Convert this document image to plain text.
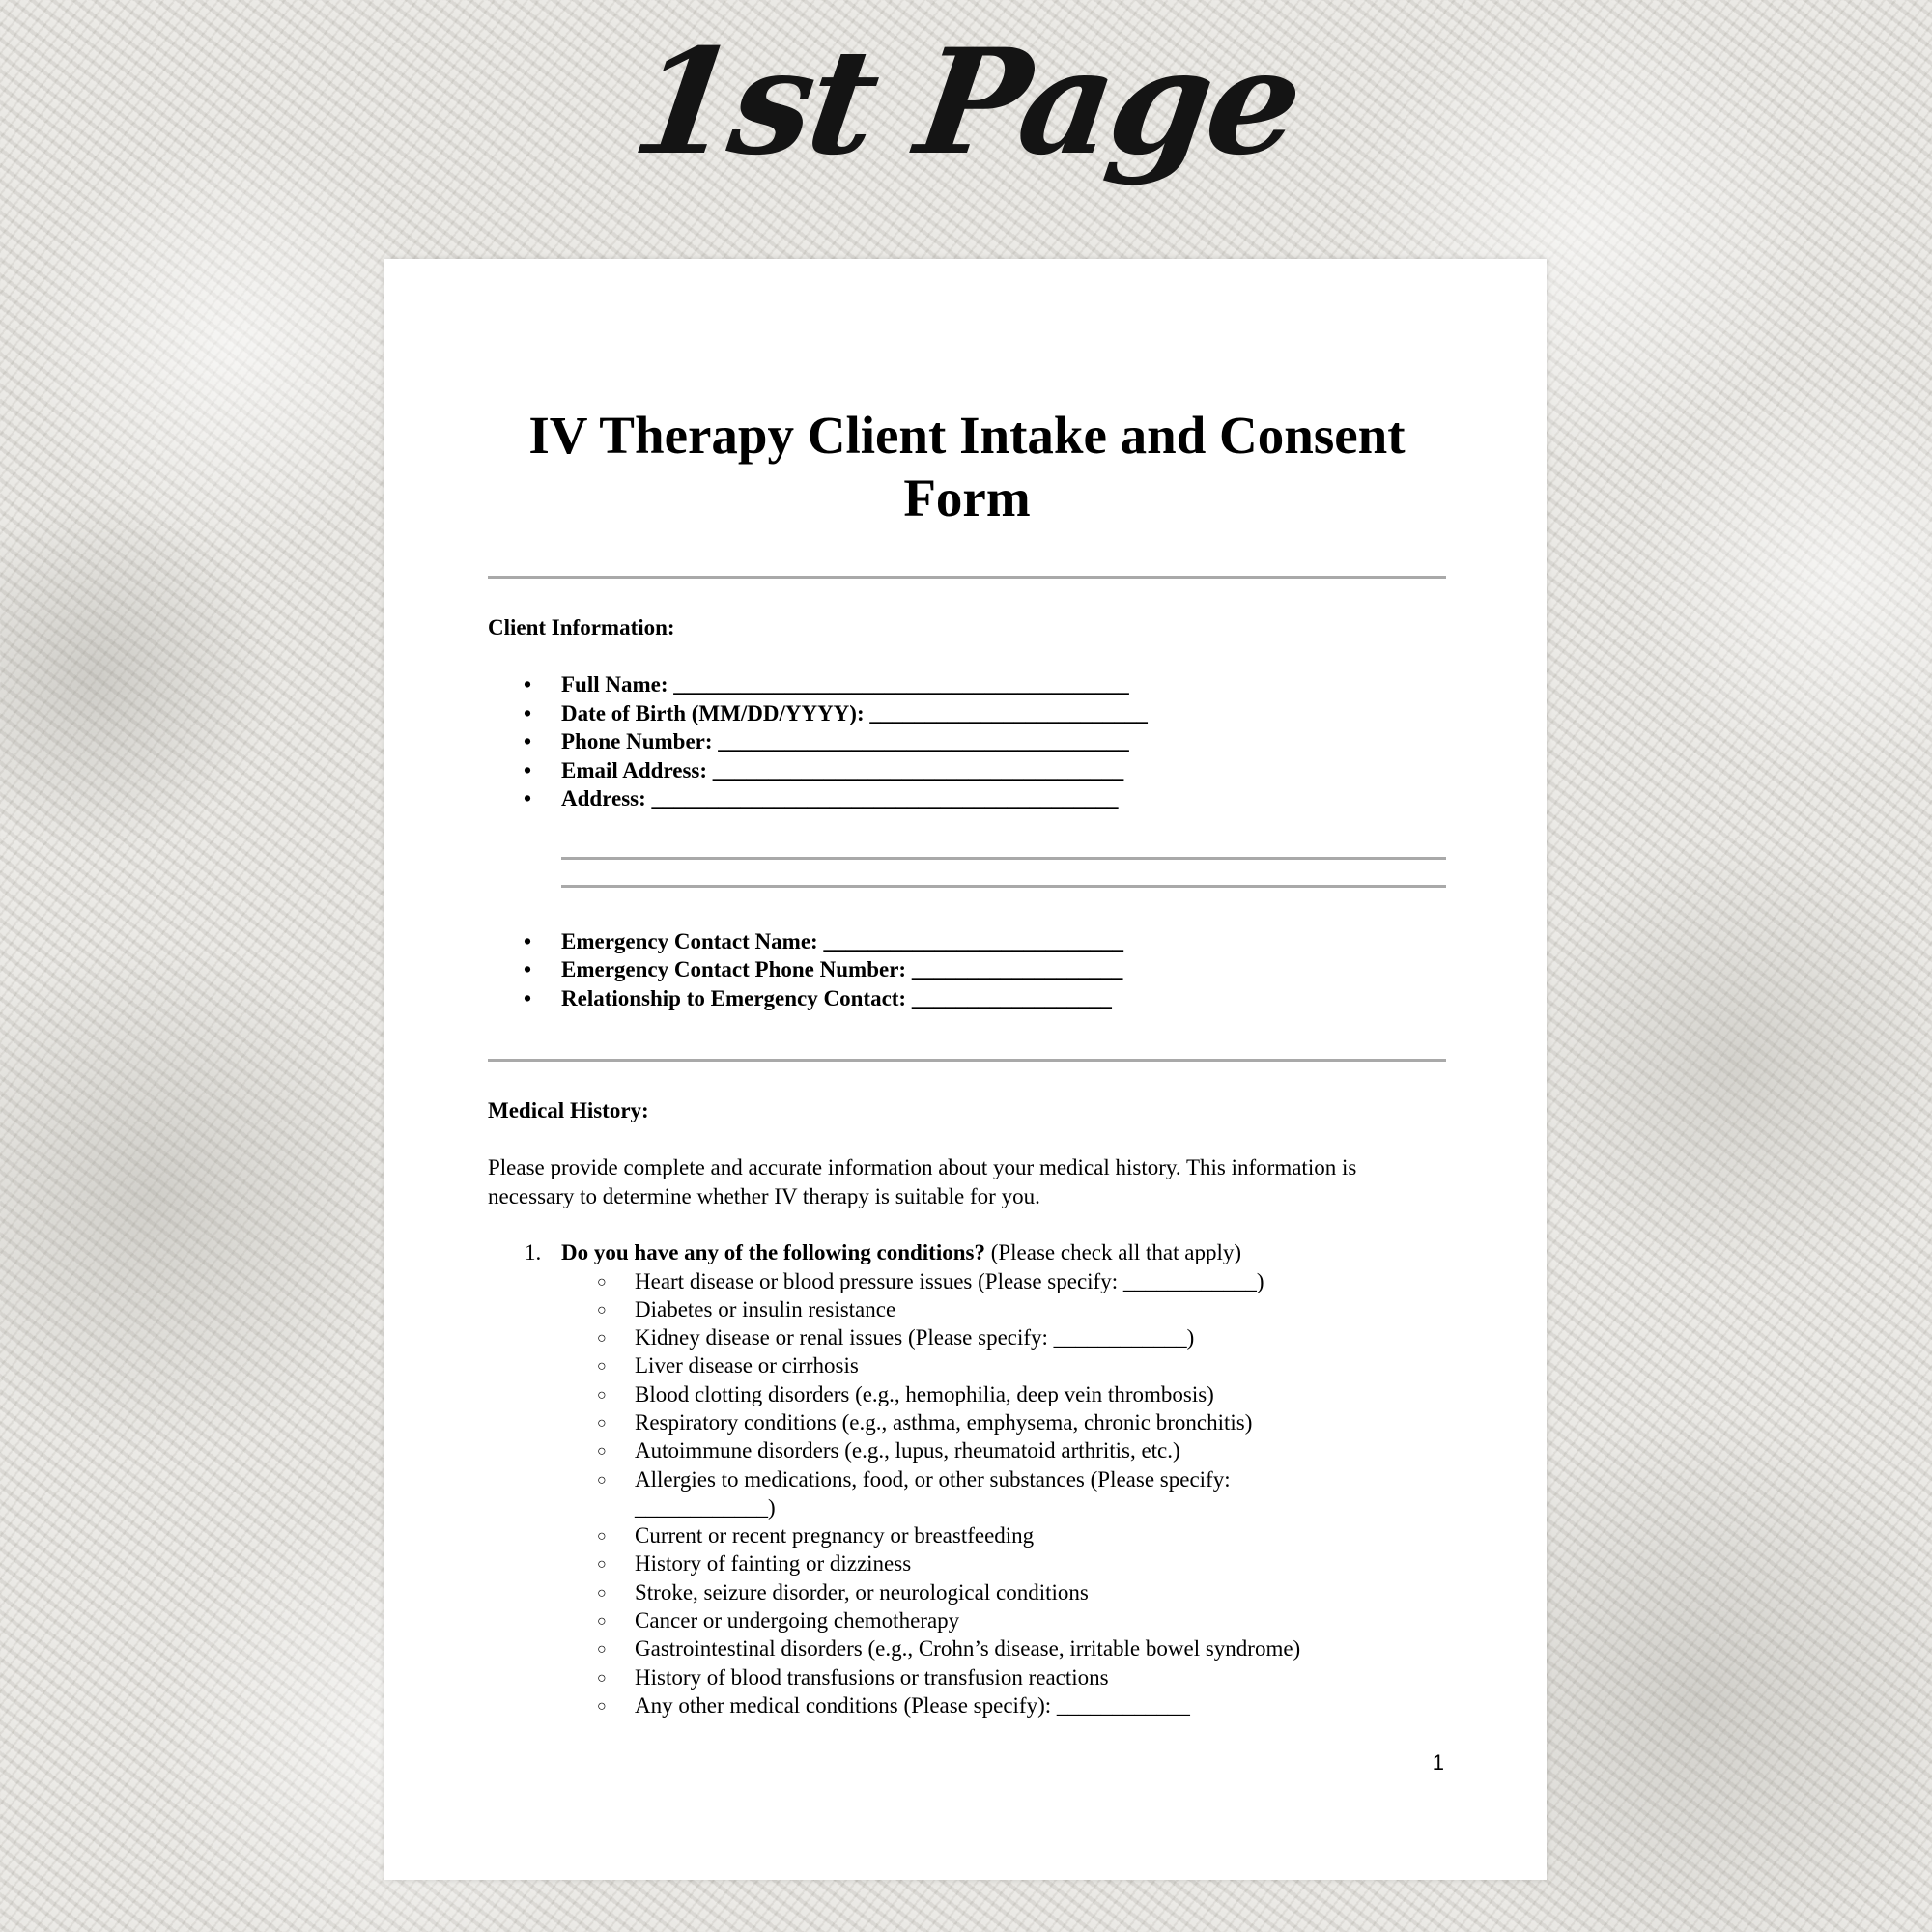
1st Page
IV Therapy Client Intake and Consent Form
Client Information:
• Full Name: _________________________________________
• Date of Birth (MM/DD/YYYY): _________________________
• Phone Number: _____________________________________
• Email Address: _____________________________________
• Address: __________________________________________
• Emergency Contact Name: ___________________________
• Emergency Contact Phone Number: ___________________
• Relationship to Emergency Contact: __________________
Medical History:

Please provide complete and accurate information about your medical history. This information is necessary to determine whether IV therapy is suitable for you.

1. Do you have any of the following conditions? (Please check all that apply)
○ Heart disease or blood pressure issues (Please specify: ____________)
○ Diabetes or insulin resistance
○ Kidney disease or renal issues (Please specify: ____________)
○ Liver disease or cirrhosis
○ Blood clotting disorders (e.g., hemophilia, deep vein thrombosis)
○ Respiratory conditions (e.g., asthma, emphysema, chronic bronchitis)
○ Autoimmune disorders (e.g., lupus, rheumatoid arthritis, etc.)
○ Allergies to medications, food, or other substances (Please specify: ____________)
○ Current or recent pregnancy or breastfeeding
○ History of fainting or dizziness
○ Stroke, seizure disorder, or neurological conditions
○ Cancer or undergoing chemotherapy
○ Gastrointestinal disorders (e.g., Crohn’s disease, irritable bowel syndrome)
○ History of blood transfusions or transfusion reactions
○ Any other medical conditions (Please specify): ____________
1
